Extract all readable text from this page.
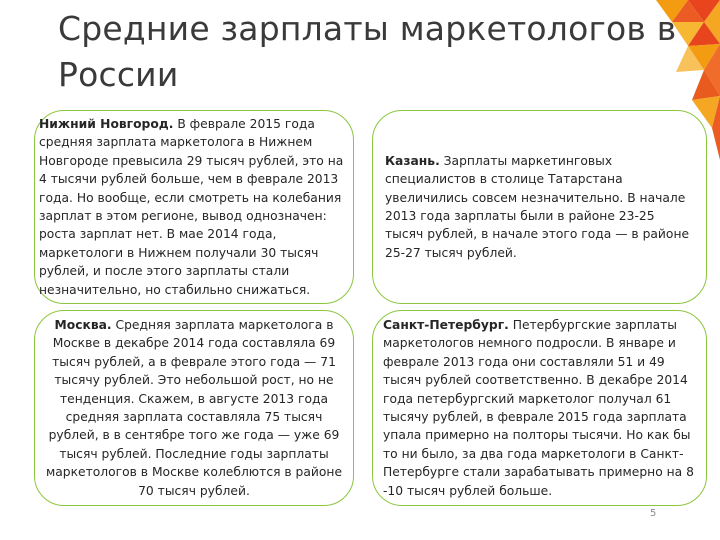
Средние зарплаты маркетологов в России
Нижний Новгород. В феврале 2015 года средняя зарплата маркетолога в Нижнем Новгороде превысила 29 тысяч рублей, это на 4 тысячи рублей больше, чем в феврале 2013 года. Но вообще, если смотреть на колебания зарплат в этом регионе, вывод однозначен: роста зарплат нет. В мае 2014 года, маркетологи в Нижнем получали 30 тысяч рублей, и после этого зарплаты стали незначительно, но стабильно снижаться.
Казань. Зарплаты маркетинговых специалистов в столице Татарстана увеличились совсем незначительно. В начале 2013 года зарплаты были в районе 23-25 тысяч рублей, в начале этого года — в районе 25-27 тысяч рублей.
Москва. Средняя зарплата маркетолога в Москве в декабре 2014 года составляла 69 тысяч рублей, а в феврале этого года — 71 тысячу рублей. Это небольшой рост, но не тенденция. Скажем, в августе 2013 года средняя зарплата составляла 75 тысяч рублей, в в сентябре того же года — уже 69 тысяч рублей. Последние годы зарплаты маркетологов в Москве колеблются в районе 70 тысяч рублей.
Санкт-Петербург. Петербургские зарплаты маркетологов немного подросли. В январе и феврале 2013 года они составляли 51 и 49 тысяч рублей соответственно. В декабре 2014 года петербургский маркетолог получал 61 тысячу рублей, в феврале 2015 года зарплата упала примерно на полторы тысячи. Но как бы то ни было, за два года маркетологи в Санкт-Петербурге стали зарабатывать примерно на 8 -10 тысяч рублей больше.
5
